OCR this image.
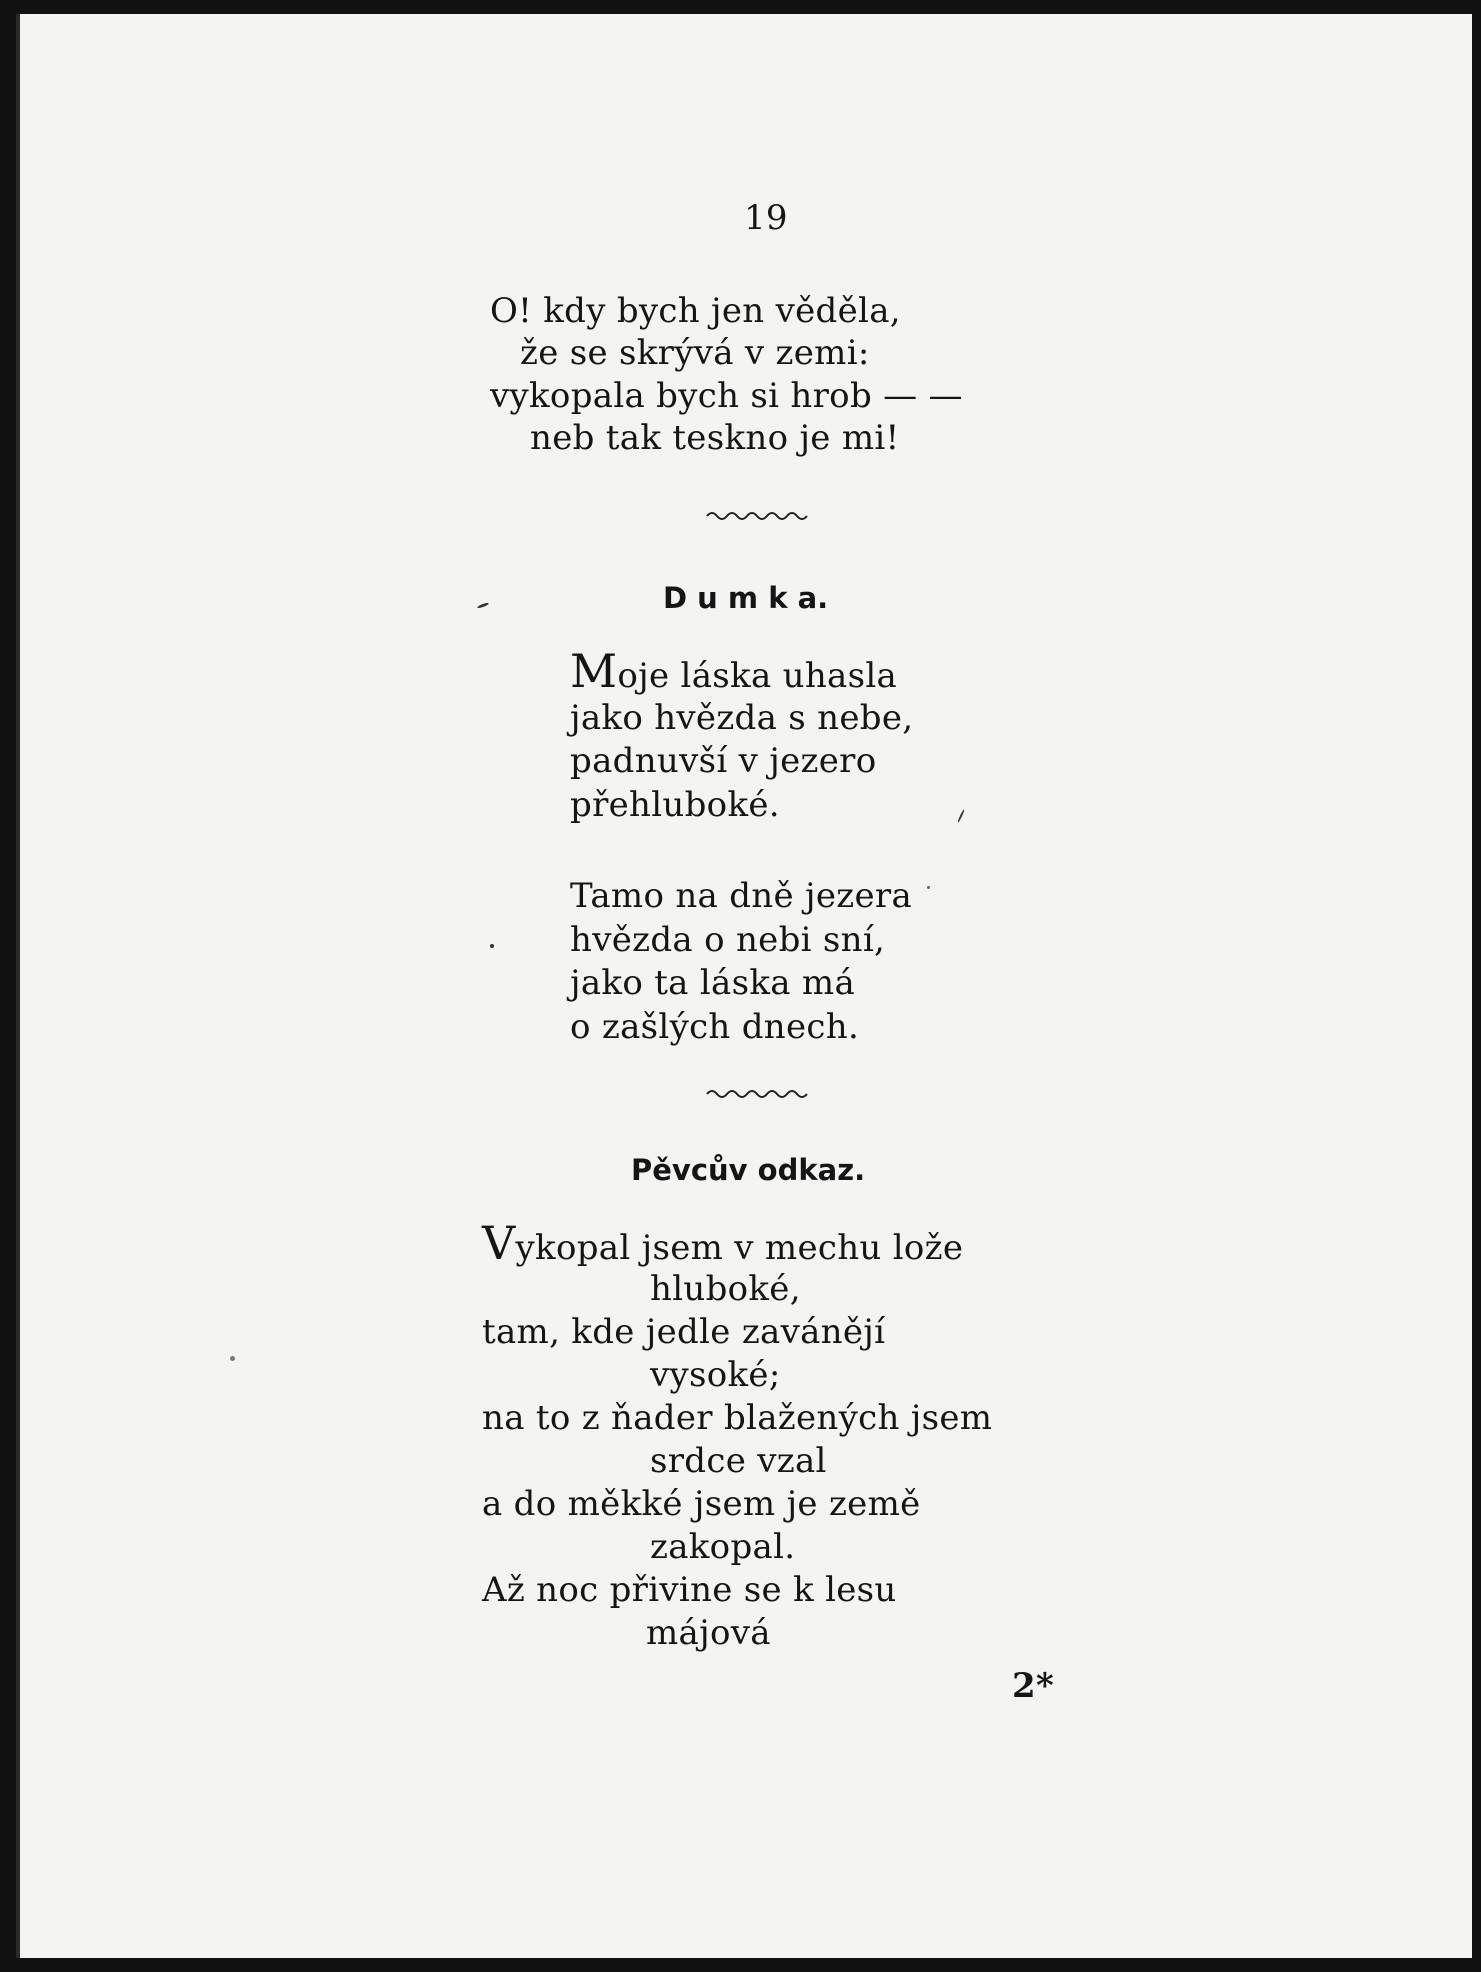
19
O! kdy bych jen věděla,
že se skrývá v zemi:
vykopala bych si hrob — —
neb tak teskno je mi!
D u m k a.
Moje láska uhasla
jako hvězda s nebe,
padnuvší v jezero
přehluboké.
Tamo na dně jezera
hvězda o nebi sní,
jako ta láska má
o zašlých dnech.
Pěvcův odkaz.
Vykopal jsem v mechu lože
hluboké,
tam, kde jedle zavánějí
vysoké;
na to z ňader blažených jsem
srdce vzal
a do měkké jsem je země
zakopal.
Až noc přivine se k lesu
májová
2*
